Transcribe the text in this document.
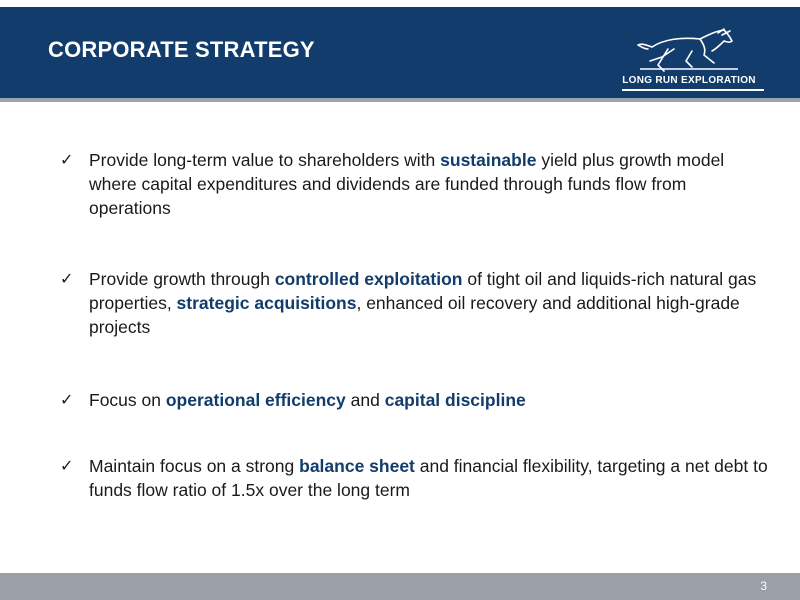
CORPORATE STRATEGY
LONG RUN EXPLORATION
✓ Provide long-term value to shareholders with sustainable yield plus growth model where capital expenditures and dividends are funded through funds flow from operations
✓ Provide growth through controlled exploitation of tight oil and liquids-rich natural gas properties, strategic acquisitions, enhanced oil recovery and additional high-grade projects
✓ Focus on operational efficiency and capital discipline
✓ Maintain focus on a strong balance sheet and financial flexibility, targeting a net debt to funds flow ratio of 1.5x over the long term
3
